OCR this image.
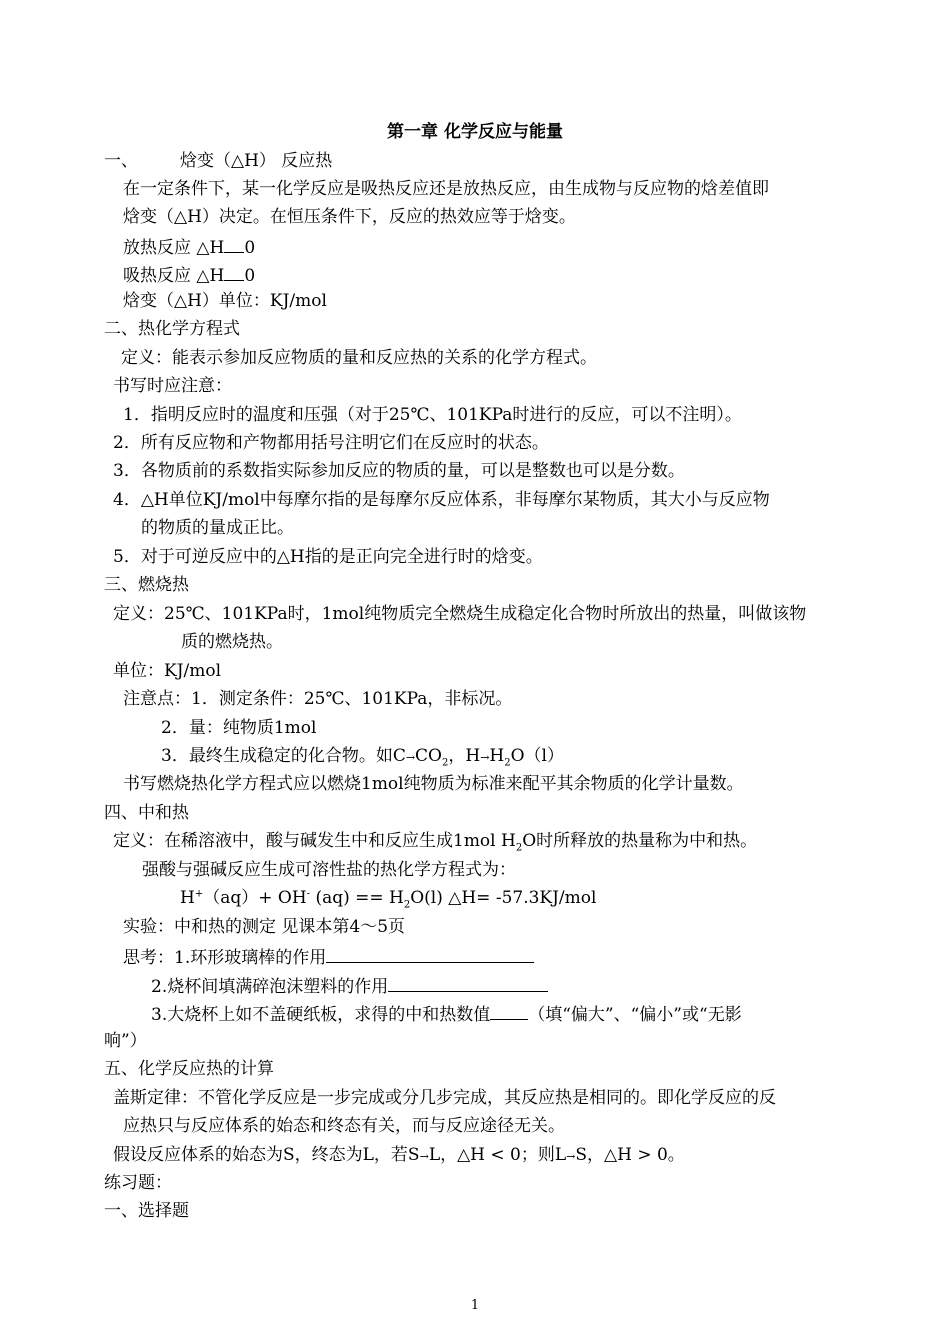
第一章 化学反应与能量
一、 焓变（△H） 反应热
在一定条件下，某一化学反应是吸热反应还是放热反应，由生成物与反应物的焓差值即
焓变（△H）决定。在恒压条件下，反应的热效应等于焓变。
放热反应 △H 0
吸热反应 △H 0
焓变（△H）单位：KJ/mol
二、热化学方程式
定义：能表示参加反应物质的量和反应热的关系的化学方程式。
书写时应注意：
1．指明反应时的温度和压强（对于25℃、101KPa时进行的反应，可以不注明）。
2．所有反应物和产物都用括号注明它们在反应时的状态。
3．各物质前的系数指实际参加反应的物质的量，可以是整数也可以是分数。
4．△H单位KJ/mol中每摩尔指的是每摩尔反应体系，非每摩尔某物质，其大小与反应物
的物质的量成正比。
5．对于可逆反应中的△H指的是正向完全进行时的焓变。
三、燃烧热
定义：25℃、101KPa时，1mol纯物质完全燃烧生成稳定化合物时所放出的热量，叫做该物
质的燃烧热。
单位：KJ/mol
注意点：1．测定条件：25℃、101KPa，非标况。
2．量：纯物质1mol
3．最终生成稳定的化合物。如$C\to CO_2$，$H\to H_2O(l)$
书写燃烧热化学方程式应以燃烧1mol纯物质为标准来配平其余物质的化学计量数。
四、中和热
定义：在稀溶液中，酸与碱发生中和反应生成1mol $H_2O$时所释放的热量称为中和热。
强酸与强碱反应生成可溶性盐的热化学方程式为：
H+（aq）+ OH- $(aq) == H_2O(l)$ △H= -57.3KJ/mol
实验：中和热的测定 见课本第4～5页
思考：1.环形玻璃棒的作用
2.烧杯间填满碎泡沫塑料的作用
3.大烧杯上如不盖硬纸板，求得的中和热数值 （填“偏大”、“偏小”或“无影
响”）
五、化学反应热的计算
盖斯定律：不管化学反应是一步完成或分几步完成，其反应热是相同的。即化学反应的反
应热只与反应体系的始态和终态有关，而与反应途径无关。
假设反应体系的始态为S，终态为L，若S→L，△H < 0；则L→S，△H > 0。
练习题：
一、选择题
1
